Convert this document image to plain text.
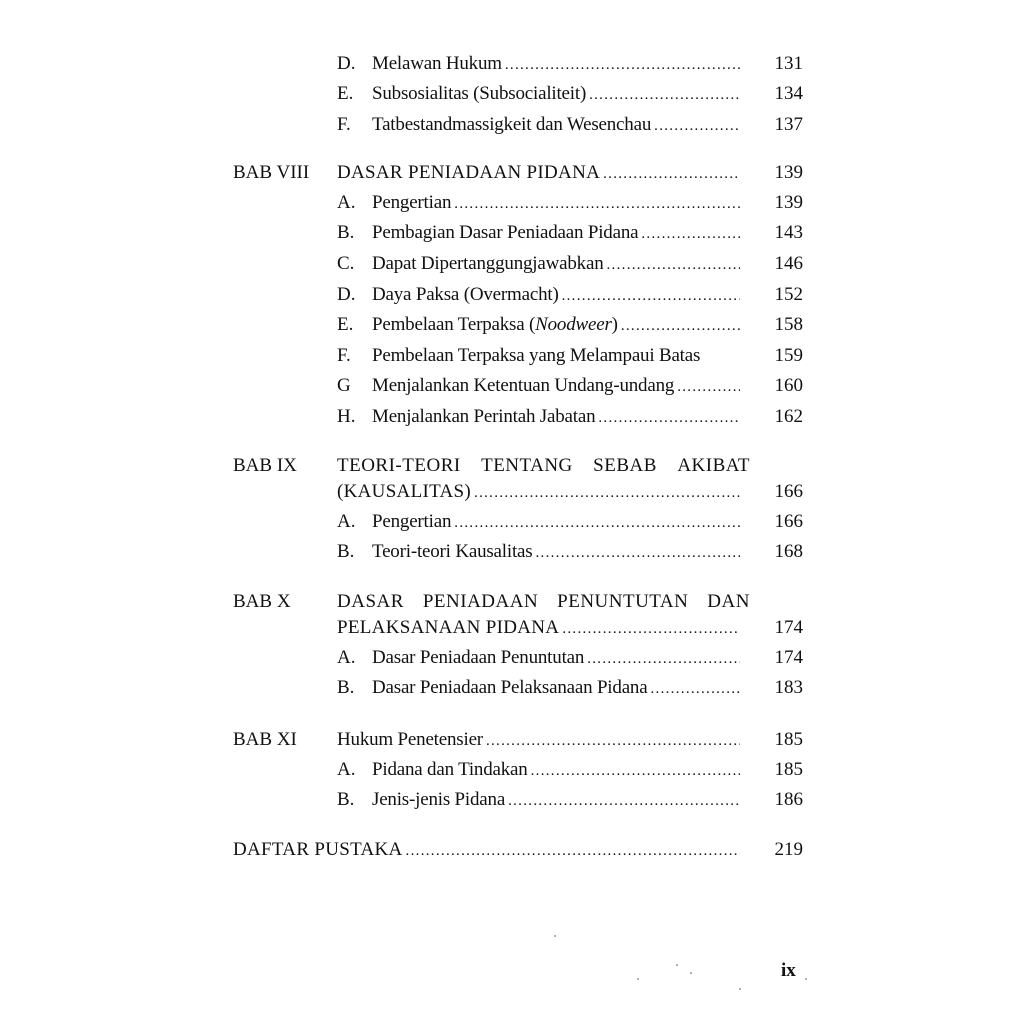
D. Melawan Hukum .....	131
E. Subsosialitas (Subsocialiteit) .....	134
F. Tatbestandmassigkeit dan Wesenchau .....	137
BAB VIII DASAR PENIADAAN PIDANA .....	139
A. Pengertian .....	139
B. Pembagian Dasar Peniadaan Pidana .....	143
C. Dapat Dipertanggungjawabkan .....	146
D. Daya Paksa (Overmacht) .....	152
E. Pembelaan Terpaksa (Noodweer) .....	158
F. Pembelaan Terpaksa yang Melampaui Batas	159
G Menjalankan Ketentuan Undang-undang .....	160
H. Menjalankan Perintah Jabatan .....	162
BAB IX TEORI-TEORI TENTANG SEBAB AKIBAT
(KAUSALITAS) .....	166
A. Pengertian .....	166
B. Teori-teori Kausalitas .....	168
BAB X DASAR PENIADAAN PENUNTUTAN DAN
PELAKSANAAN PIDANA .....	174
A. Dasar Peniadaan Penuntutan .....	174
B. Dasar Peniadaan Pelaksanaan Pidana .....	183
BAB XI Hukum Penetensier .....	185
A. Pidana dan Tindakan .....	185
B. Jenis-jenis Pidana .....	186
DAFTAR PUSTAKA .....	219
ix
